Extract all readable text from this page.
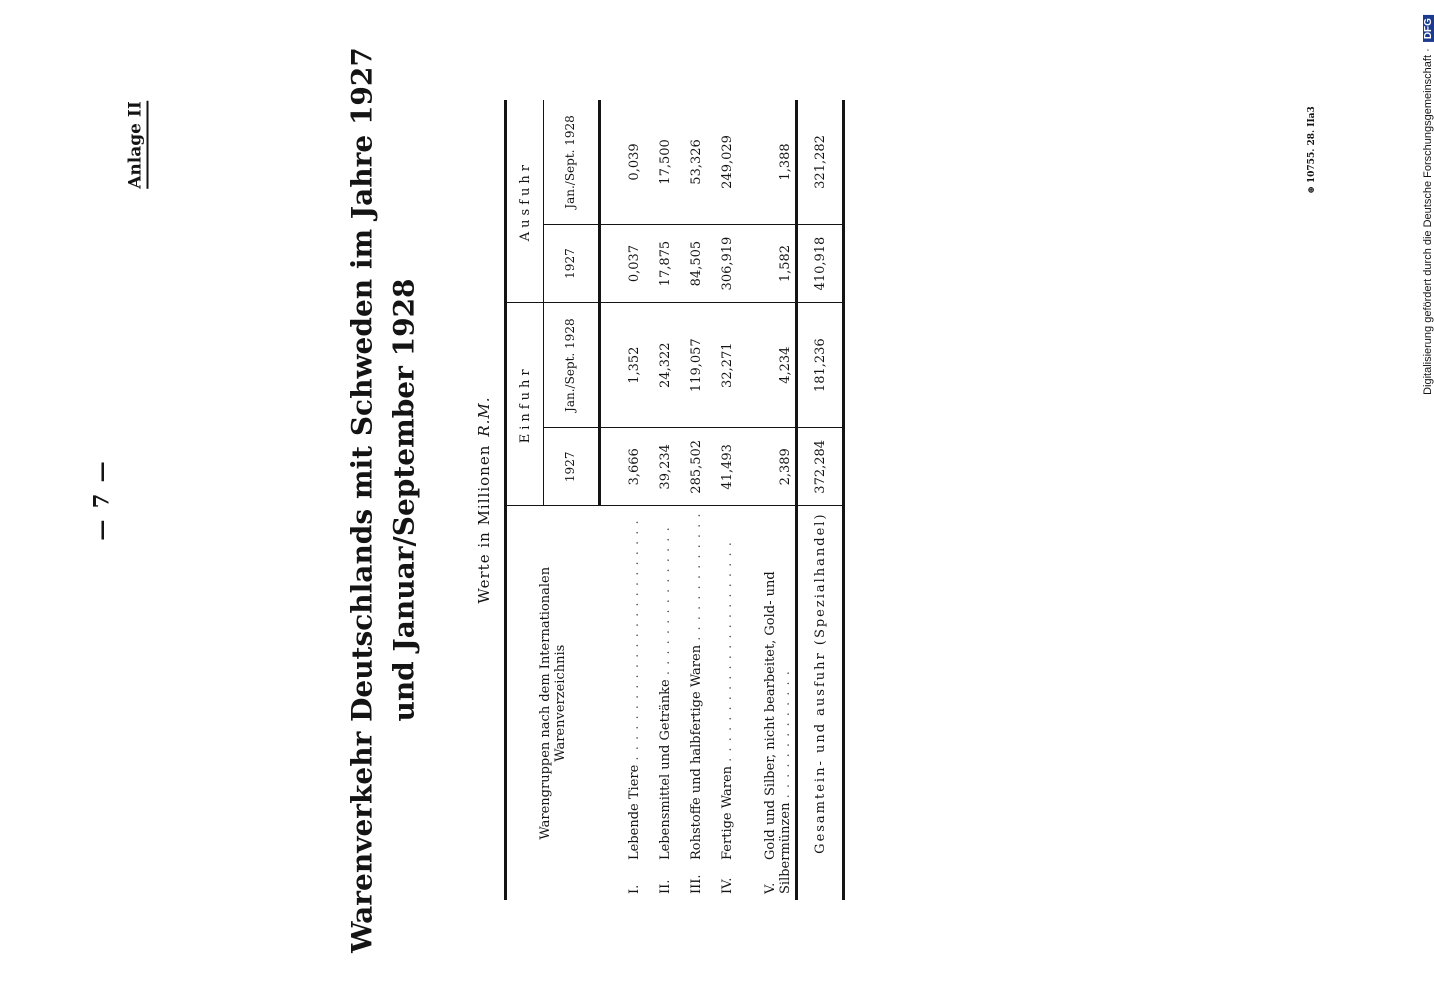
— 7 —
Anlage II	Warenverkehr Deutschlands mit Schweden im Jahre 1927 und Januar/September 1928	Werte in MillionenR.M.
Warengruppen nach dem Internationalen Warenverzeichnis	Einfuhr		Ausfuhr	
	1927	Jan./Sept. 1928	1927	Jan./Sept. 1928

I.Lebende Tiere . . . . . . . . . . . . . . . . . . . . . . . .	3,666	1,352	0,037	0,039
II.Lebensmittel und Getränke . . . . . . . . . . . . . . .	39,234	24,322	17,875	17,500
III.Rohstoffe und halbfertige Waren . . . . . . . . . . . . .	285,502	119,057	84,505	53,326
IV.Fertige Waren . . . . . . . . . . . . . . . . . . . . . .	41,493	32,271	306,919	249,029
V.Gold und Silber, nicht bearbeitet, Gold- und Silbermünzen . . . . . . . . . . . . .	2,389	4,234	1,582	1,388
Gesamtein- und ausfuhr (Spezialhandel)	372,284	181,236	410,918	321,282	⊕ 10755. 28. IIa3	Digitalisierung gefördert durch die Deutsche Forschungsgemeinschaft · DFG
